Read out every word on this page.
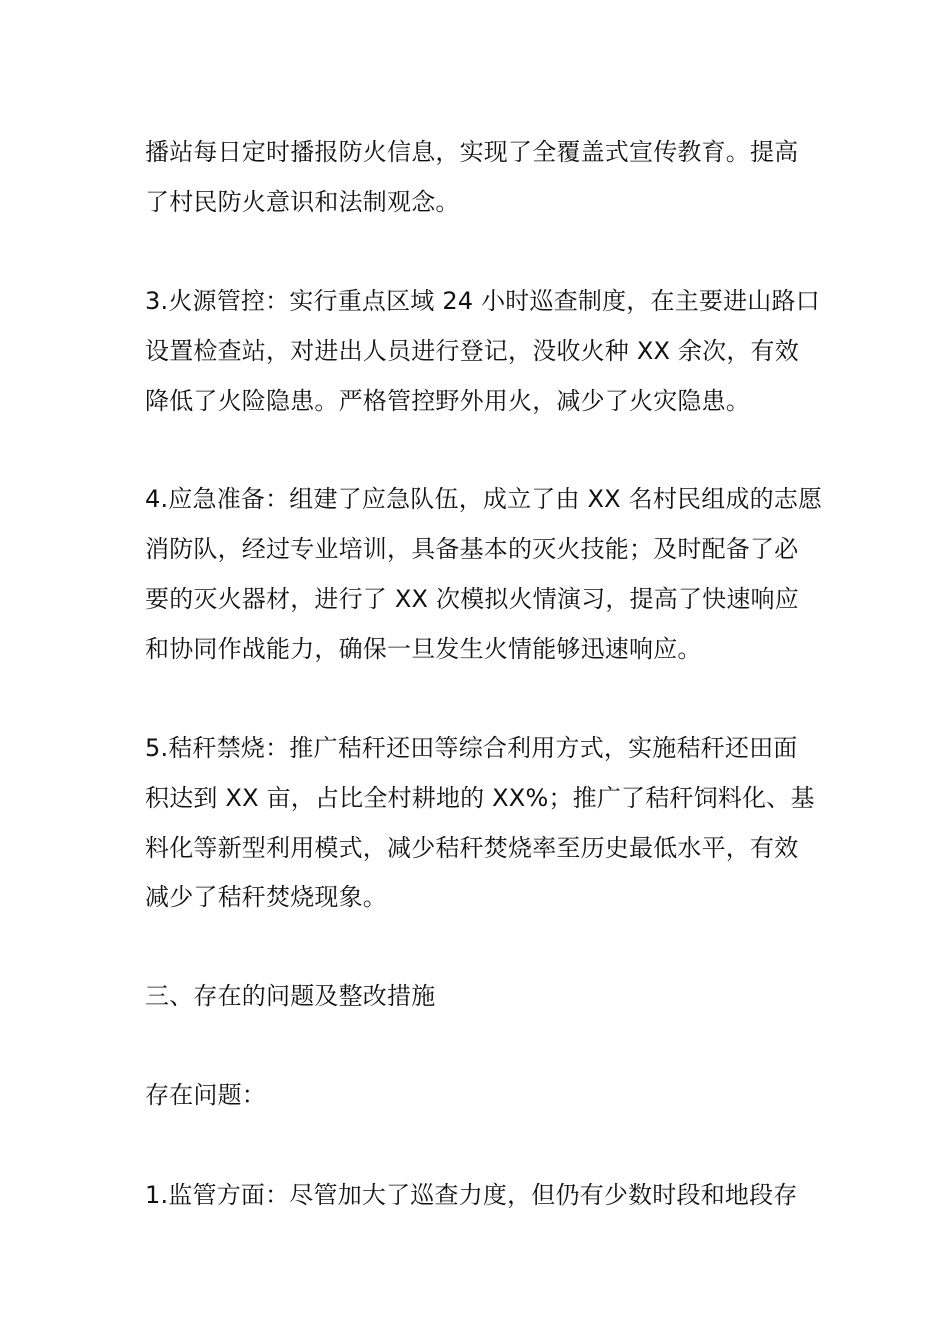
播站每日定时播报防火信息，实现了全覆盖式宣传教育。提高
了村民防火意识和法制观念。
3.火源管控：实行重点区域 24 小时巡查制度，在主要进山路口
设置检查站，对进出人员进行登记，没收火种 XX 余次，有效
降低了火险隐患。严格管控野外用火，减少了火灾隐患。
4.应急准备：组建了应急队伍，成立了由 XX 名村民组成的志愿
消防队，经过专业培训，具备基本的灭火技能；及时配备了必
要的灭火器材，进行了 XX 次模拟火情演习，提高了快速响应
和协同作战能力，确保一旦发生火情能够迅速响应。
5.秸秆禁烧：推广秸秆还田等综合利用方式，实施秸秆还田面
积达到 XX 亩，占比全村耕地的 XX%；推广了秸秆饲料化、基
料化等新型利用模式，减少秸秆焚烧率至历史最低水平，有效
减少了秸秆焚烧现象。
三、存在的问题及整改措施
存在问题：
1.监管方面：尽管加大了巡查力度，但仍有少数时段和地段存
